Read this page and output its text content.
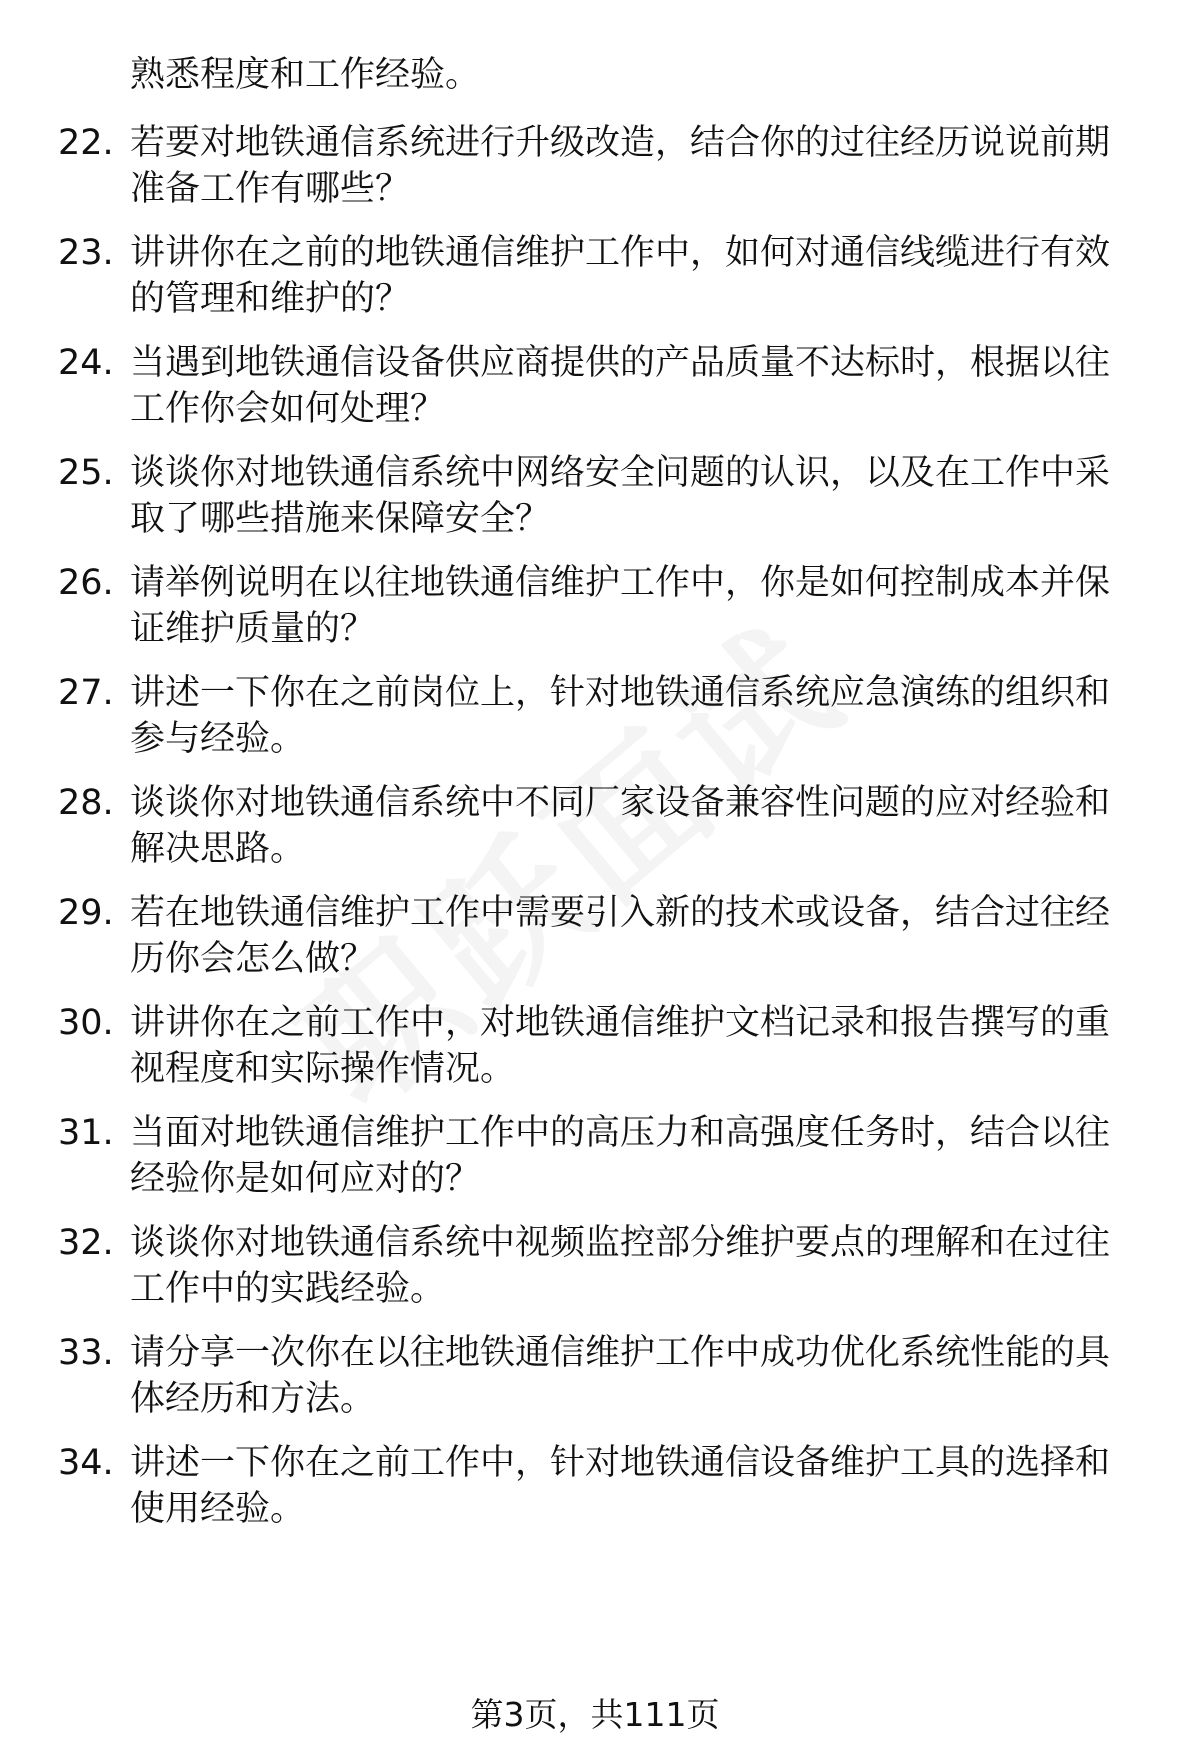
熟悉程度和工作经验。
22. 若要对地铁通信系统进行升级改造，结合你的过往经历说说前期
准备工作有哪些？
23. 讲讲你在之前的地铁通信维护工作中，如何对通信线缆进行有效
的管理和维护的？
24. 当遇到地铁通信设备供应商提供的产品质量不达标时，根据以往
工作你会如何处理？
25. 谈谈你对地铁通信系统中网络安全问题的认识，以及在工作中采
取了哪些措施来保障安全？
26. 请举例说明在以往地铁通信维护工作中，你是如何控制成本并保
证维护质量的？
27. 讲述一下你在之前岗位上，针对地铁通信系统应急演练的组织和
参与经验。
28. 谈谈你对地铁通信系统中不同厂家设备兼容性问题的应对经验和
解决思路。
29. 若在地铁通信维护工作中需要引入新的技术或设备，结合过往经
历你会怎么做？
30. 讲讲你在之前工作中，对地铁通信维护文档记录和报告撰写的重
视程度和实际操作情况。
31. 当面对地铁通信维护工作中的高压力和高强度任务时，结合以往
经验你是如何应对的？
32. 谈谈你对地铁通信系统中视频监控部分维护要点的理解和在过往
工作中的实践经验。
33. 请分享一次你在以往地铁通信维护工作中成功优化系统性能的具
体经历和方法。
34. 讲述一下你在之前工作中，针对地铁通信设备维护工具的选择和
使用经验。
第3页，共111页
